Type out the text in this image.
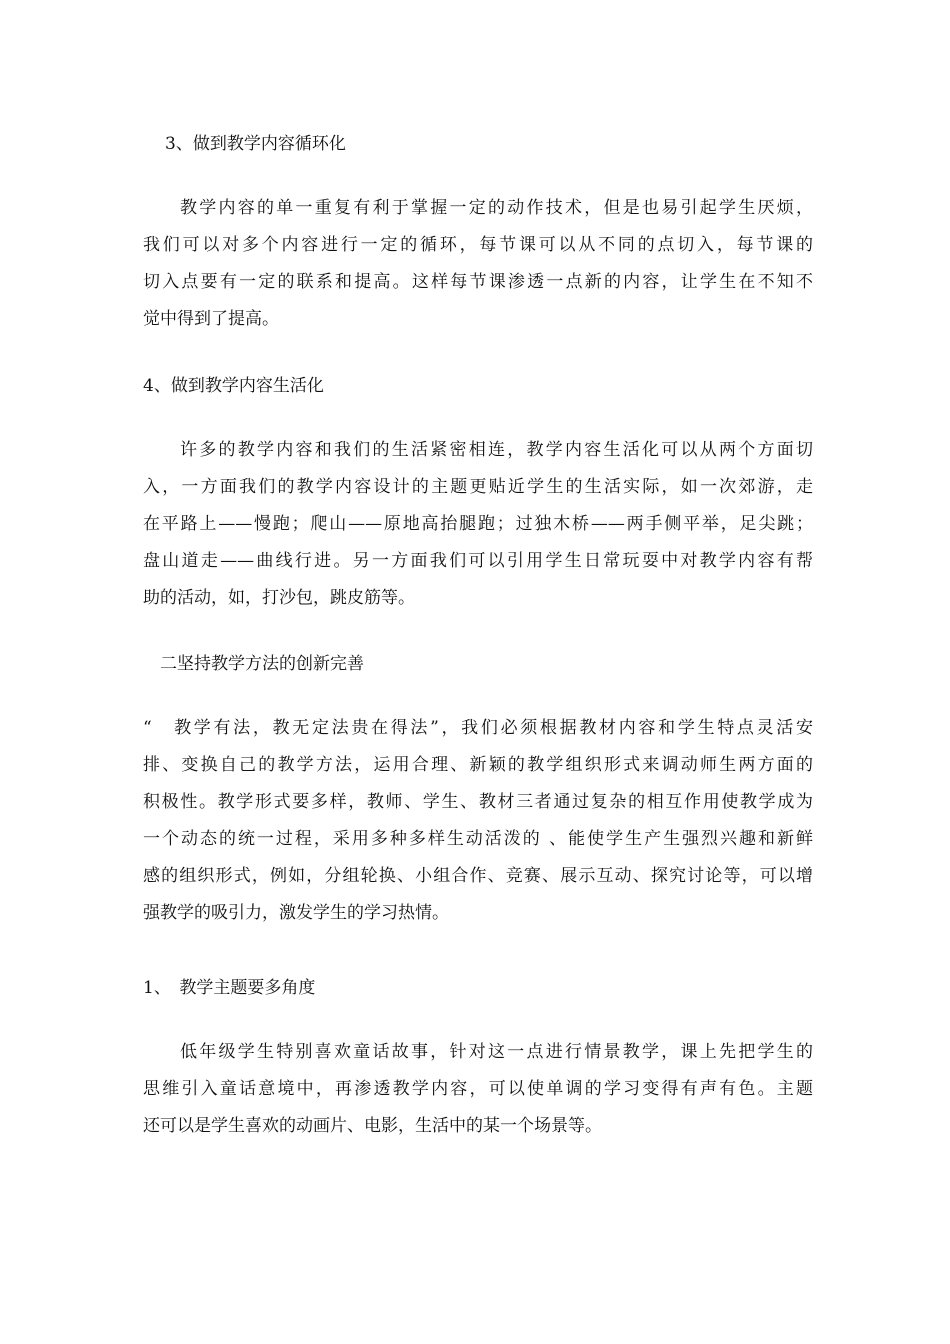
3、做到教学内容循环化
教学内容的单一重复有利于掌握一定的动作技术，但是也易引起学生厌烦，
我们可以对多个内容进行一定的循环，每节课可以从不同的点切入，每节课的
切入点要有一定的联系和提高。这样每节课渗透一点新的内容，让学生在不知不
觉中得到了提高。
4、做到教学内容生活化
许多的教学内容和我们的生活紧密相连，教学内容生活化可以从两个方面切
入，一方面我们的教学内容设计的主题更贴近学生的生活实际，如一次郊游，走
在平路上——慢跑；爬山——原地高抬腿跑；过独木桥——两手侧平举，足尖跳；
盘山道走——曲线行进。另一方面我们可以引用学生日常玩耍中对教学内容有帮
助的活动，如，打沙包，跳皮筋等。
二坚持教学方法的创新完善
“　教学有法，教无定法贵在得法”，我们必须根据教材内容和学生特点灵活安
排、变换自己的教学方法，运用合理、新颖的教学组织形式来调动师生两方面的
积极性。教学形式要多样，教师、学生、教材三者通过复杂的相互作用使教学成为
一个动态的统一过程，采用多种多样生动活泼的 、能使学生产生强烈兴趣和新鲜
感的组织形式，例如，分组轮换、小组合作、竞赛、展示互动、探究讨论等，可以增
强教学的吸引力，激发学生的学习热情。
1、　教学主题要多角度
低年级学生特别喜欢童话故事，针对这一点进行情景教学，课上先把学生的
思维引入童话意境中，再渗透教学内容，可以使单调的学习变得有声有色。主题
还可以是学生喜欢的动画片、电影，生活中的某一个场景等。
